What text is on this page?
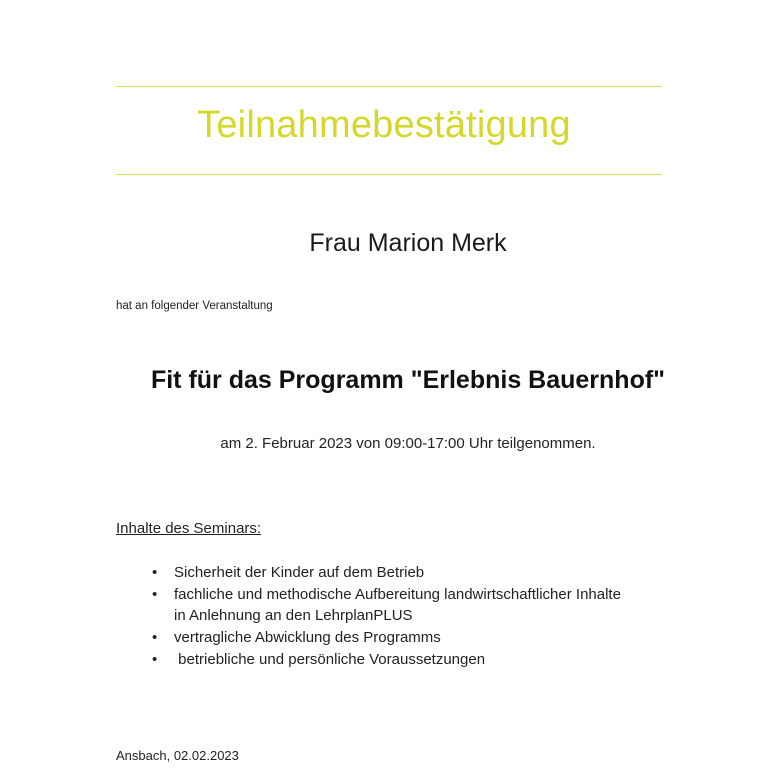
Teilnahmebestätigung
Frau Marion Merk
hat an folgender Veranstaltung
Fit für das Programm "Erlebnis Bauernhof"
am 2. Februar 2023 von 09:00-17:00 Uhr teilgenommen.
Inhalte des Seminars:
• Sicherheit der Kinder auf dem Betrieb
• fachliche und methodische Aufbereitung landwirtschaftlicher Inhalte
in Anlehnung an den LehrplanPLUS
• vertragliche Abwicklung des Programms
• betriebliche und persönliche Voraussetzungen
Ansbach, 02.02.2023
